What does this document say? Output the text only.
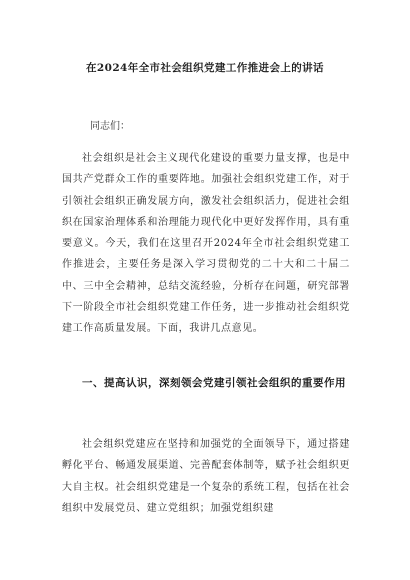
在2024年全市社会组织党建工作推进会上的讲话
同志们：

社会组织是社会主义现代化建设的重要力量支撑，也是中国共产党群众工作的重要阵地。加强社会组织党建工作，对于引领社会组织正确发展方向，激发社会组织活力，促进社会组织在国家治理体系和治理能力现代化中更好发挥作用，具有重要意义。今天，我们在这里召开2024年全市社会组织党建工作推进会，主要任务是深入学习贯彻党的二十大和二十届二中、三中全会精神，总结交流经验，分析存在问题，研究部署下一阶段全市社会组织党建工作任务，进一步推动社会组织党建工作高质量发展。下面，我讲几点意见。

一、提高认识，深刻领会党建引领社会组织的重要作用

社会组织党建应在坚持和加强党的全面领导下，通过搭建孵化平台、畅通发展渠道、完善配套体制等，赋予社会组织更大自主权。社会组织党建是一个复杂的系统工程，包括在社会组织中发展党员、建立党组织；加强党组织建
